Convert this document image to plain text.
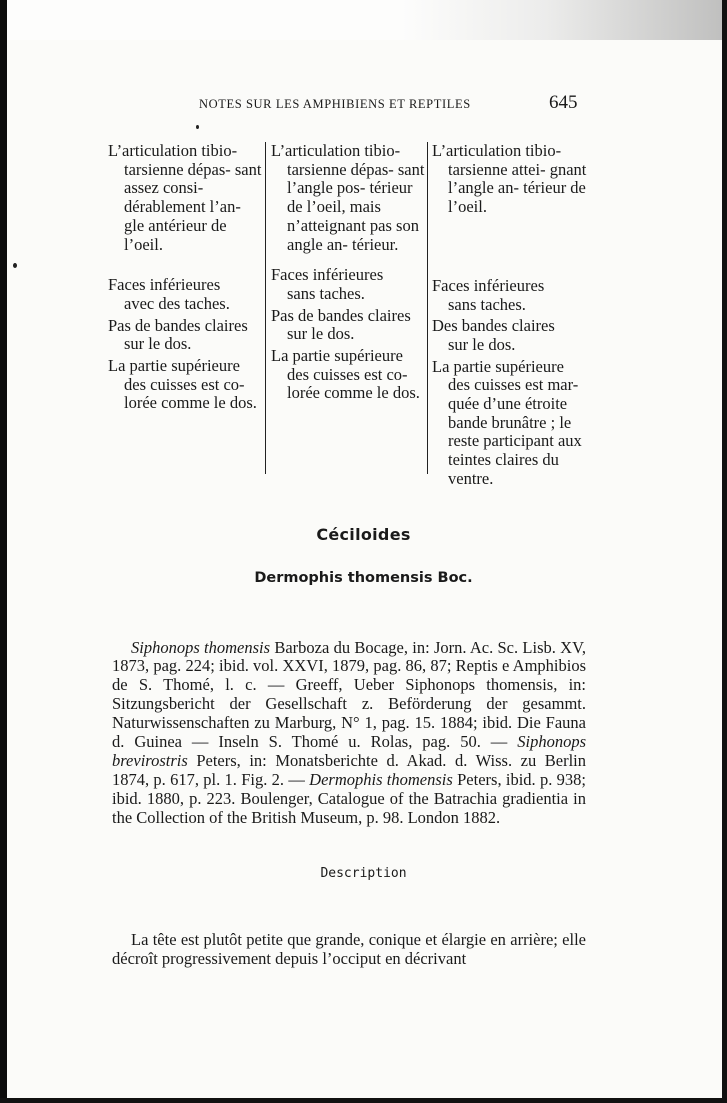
NOTES SUR LES AMPHIBIENS ET REPTILES	645
L’articulation tibio-
tarsienne dépas- sant assez consi- dérablement l’an- gle antérieur de l’oeil.
Faces inférieures
avec des taches.
Pas de bandes claires
sur le dos.
La partie supérieure
des cuisses est co- lorée comme le dos.
L’articulation tibio-
tarsienne dépas- sant l’angle pos- térieur de l’oeil, mais n’atteignant pas son angle an- térieur.
Faces inférieures
sans taches.
Pas de bandes claires
sur le dos.
La partie supérieure
des cuisses est co- lorée comme le dos.
L’articulation tibio-
tarsienne attei- gnant l’angle an- térieur de l’oeil.
Faces inférieures
sans taches.
Des bandes claires
sur le dos.
La partie supérieure
des cuisses est mar- quée d’une étroite bande brunâtre ; le reste participant aux teintes claires du ventre.
Céciloides
Dermophis thomensis Boc.

Siphonops thomensis Barboza du Bocage, in: Jorn. Ac. Sc. Lisb. XV, 1873, pag. 224; ibid. vol. XXVI, 1879, pag. 86, 87; Reptis e Amphibios de S. Thomé, l. c. — Greeff, Ueber Siphonops thomensis, in: Sitzungsbericht der Gesellschaft z. Beförderung der gesammt. Naturwissenschaften zu Marburg, N° 1, pag. 15. 1884; ibid. Die Fauna d. Guinea — Inseln S. Thomé u. Rolas, pag. 50. — Siphonops brevirostris Peters, in: Monatsberichte d. Akad. d. Wiss. zu Berlin 1874, p. 617, pl. 1. Fig. 2. — Dermophis thomensis Peters, ibid. p. 938; ibid. 1880, p. 223. Boulenger, Catalogue of the Batrachia gradientia in the Collection of the British Museum, p. 98. London 1882.

Description

La tête est plutôt petite que grande, conique et élargie en arrière; elle décroît progressivement depuis l’occiput en décrivant
